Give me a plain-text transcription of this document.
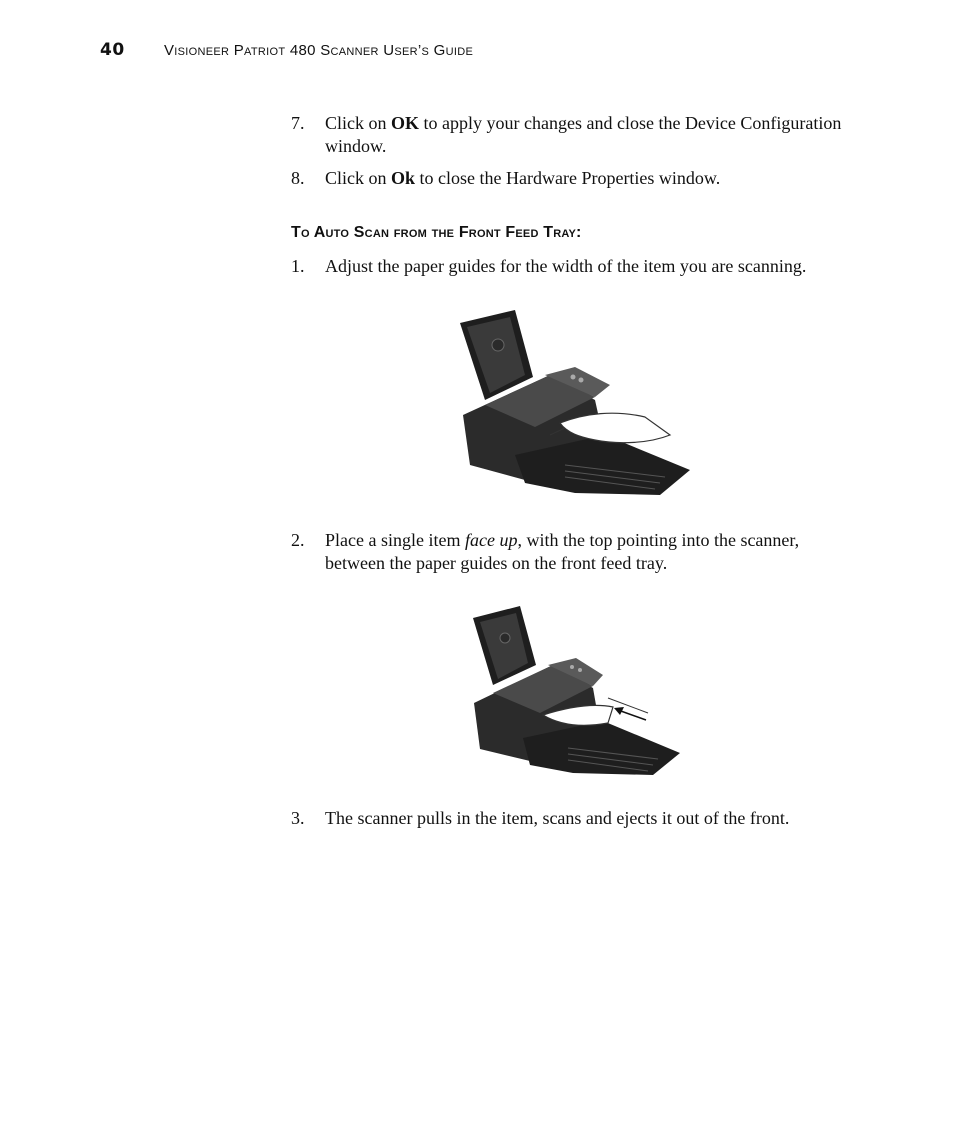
40	Visioneer Patriot 480 Scanner User’s Guide
7. Click on OK to apply your changes and close the Device Configuration window.
8. Click on Ok to close the Hardware Properties window.
To Auto Scan from the Front Feed Tray:
1. Adjust the paper guides for the width of the item you are scanning.
2. Place a single item face up, with the top pointing into the scanner, between the paper guides on the front feed tray.
3. The scanner pulls in the item, scans and ejects it out of the front.
